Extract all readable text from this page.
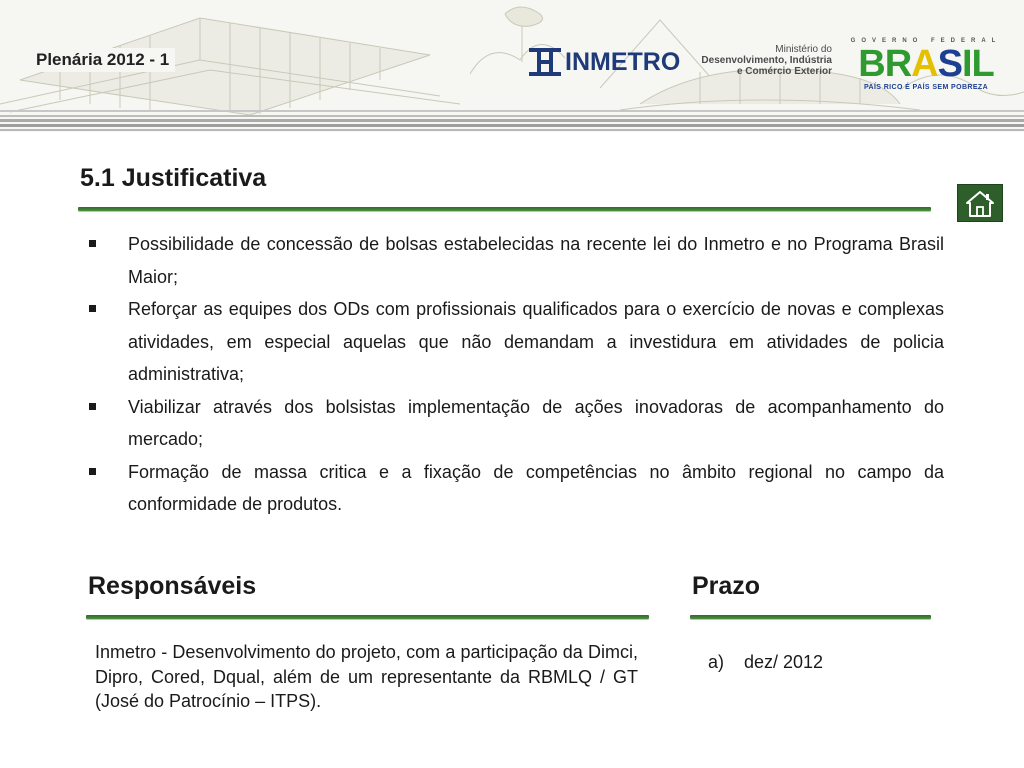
Plenária 2012 - 1	INMETRO	Ministério do
Desenvolvimento, Indústria
e Comércio Exterior
GOVERNO FEDERAL
BRASIL
PAÍS RICO É PAÍS SEM POBREZA
5.1 Justificativa
Possibilidade de concessão de bolsas estabelecidas na recente lei do Inmetro e no Programa Brasil Maior;
Reforçar as equipes dos ODs com profissionais qualificados para o exercício de novas e complexas atividades, em especial aquelas que não demandam a investidura em atividades de policia administrativa;
Viabilizar através dos bolsistas implementação de ações inovadoras de acompanhamento do mercado;
Formação de massa critica e a fixação de competências no âmbito regional no campo da conformidade de produtos.
Responsáveis

Inmetro - Desenvolvimento do projeto, com a participação da Dimci, Dipro, Cored, Dqual, além de um representante da RBMLQ / GT (José do Patrocínio – ITPS).

Prazo
a) dez/ 2012
